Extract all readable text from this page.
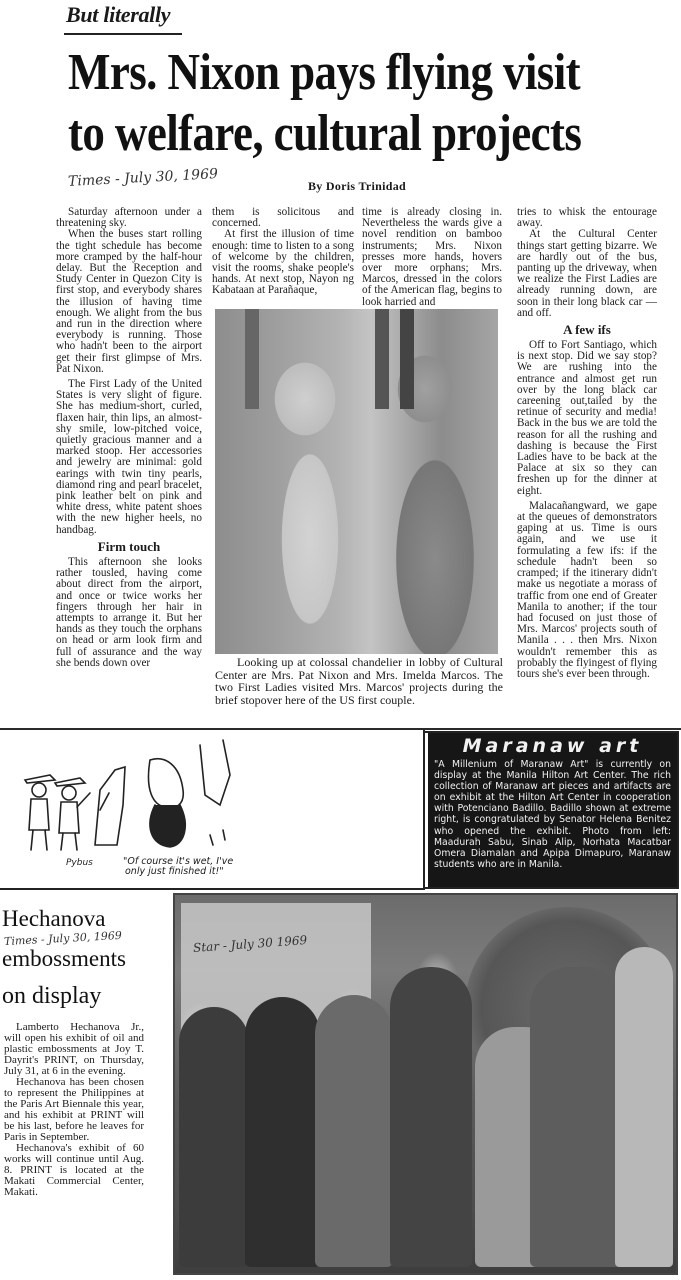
But literally
Mrs. Nixon pays flying visit
to welfare, cultural projects
Times - July 30, 1969	By Doris Trinidad

Saturday afternoon under a threatening sky.

When the buses start rolling the tight schedule has become more cramped by the half-hour delay. But the Reception and Study Center in Quezon City is first stop, and everybody shares the illusion of having time enough. We alight from the bus and run in the direction where everybody is running. Those who hadn't been to the airport get their first glimpse of Mrs. Pat Nixon.

The First Lady of the United States is very slight of figure. She has medium-short, curled, flaxen hair, thin lips, an almost-shy smile, low-pitched voice, quietly gracious manner and a marked stoop. Her accessories and jewelry are minimal: gold earings with twin tiny pearls, diamond ring and pearl bracelet, pink leather belt on pink and white dress, white patent shoes with the new higher heels, no handbag.

Firm touch

This afternoon she looks rather tousled, having come about direct from the airport, and once or twice works her fingers through her hair in attempts to arrange it. But her hands as they touch the orphans on head or arm look firm and full of assurance and the way she bends down over

them is solicitous and concerned.

At first the illusion of time enough: time to listen to a song of welcome by the children, visit the rooms, shake people's hands. At next stop, Nayon ng Kabataan at Parañaque,

time is already closing in. Nevertheless the wards give a novel rendition on bamboo instruments; Mrs. Nixon presses more hands, hovers over more orphans; Mrs. Marcos, dressed in the colors of the American flag, begins to look harried and

tries to whisk the entourage away.

At the Cultural Center things start getting bizarre. We are hardly out of the bus, panting up the driveway, when we realize the First Ladies are already running down, are soon in their long black car — and off.

A few ifs

Off to Fort Santiago, which is next stop. Did we say stop? We are rushing into the entrance and almost get run over by the long black car careening out,tailed by the retinue of security and media! Back in the bus we are told the reason for all the rushing and dashing is because the First Ladies have to be back at the Palace at six so they can freshen up for the dinner at eight.

Malacañangward, we gape at the queues of demonstrators gaping at us. Time is ours again, and we use it formulating a few ifs: if the schedule hadn't been so cramped; if the itinerary didn't make us negotiate a morass of traffic from one end of Greater Manila to another; if the tour had focused on just those of Mrs. Marcos' projects south of Manila . . . then Mrs. Nixon wouldn't remember this as probably the flyingest of flying tours she's ever been through.

Looking up at colossal chandelier in lobby of Cultural Center are Mrs. Pat Nixon and Mrs. Imelda Marcos. The two First Ladies visited Mrs. Marcos' projects during the brief stopover here of the US first couple.
Pybus	"Of course it's wet, I've
only just finished it!"
Maranaw art

"A Millenium of Maranaw Art" is currently on display at the Manila Hilton Art Center. The rich collection of Maranaw art pieces and artifacts are on exhibit at the Hilton Art Center in cooperation with Potenciano Badillo. Badillo shown at extreme right, is congratulated by Senator Helena Benitez who opened the exhibit. Photo from left: Maadurah Sabu, Sinab Alip, Norhata Macatbar Omera Diamalan and Apipa Dimapuro, Maranaw students who are in Manila.

Hechanova
Times - July 30, 1969
embossments
on display

Lamberto Hechanova Jr., will open his exhibit of oil and plastic embossments at Joy T. Dayrit's PRINT, on Thursday, July 31, at 6 in the evening.

Hechanova has been chosen to represent the Philippines at the Paris Art Biennale this year, and his exhibit at PRINT will be his last, before he leaves for Paris in September.

Hechanova's exhibit of 60 works will continue until Aug. 8. PRINT is located at the Makati Commercial Center, Makati.

Star - July 30 1969
